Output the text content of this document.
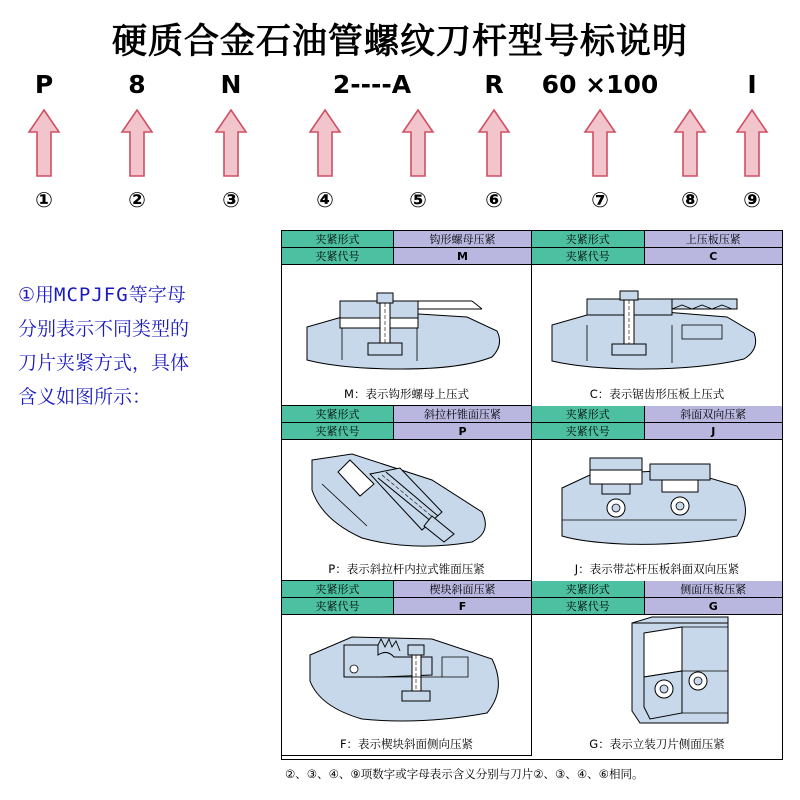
硬质合金石油管螺纹刀杆型号标说明
P	8	N	2----A	R 60 ×100	Ⅰ
①	②	③	④	⑤	⑥	⑦	⑧ ⑨
①用MCPJFG等字母
分别表示不同类型的
刀片夹紧方式，具体
含义如图所示：
夹紧形式	钩形螺母压紧
夹紧代号	M
M：表示钩形螺母上压式
夹紧形式	上压板压紧
夹紧代号	C
C：表示锯齿形压板上压式
夹紧形式	斜拉杆锥面压紧
夹紧代号	P
P：表示斜拉杆内拉式锥面压紧
夹紧形式	斜面双向压紧
夹紧代号	J
J：表示带芯杆压板斜面双向压紧
夹紧形式	楔块斜面压紧
夹紧代号	F
F：表示楔块斜面侧向压紧
夹紧形式	侧面压板压紧
夹紧代号	G
G：表示立装刀片侧面压紧
②、③、④、⑨项数字或字母表示含义分别与刀片②、③、④、⑥相同。
